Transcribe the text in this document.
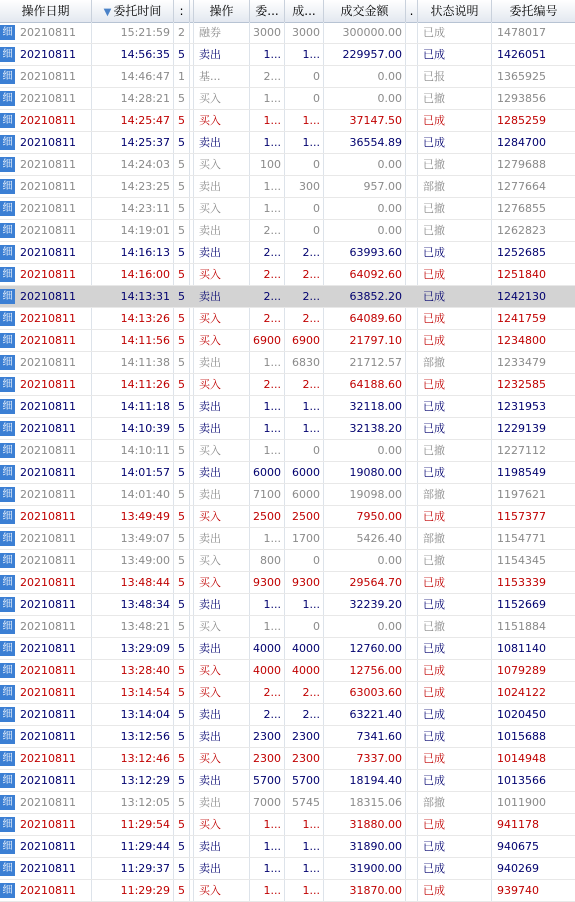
操作日期	▼ 委托时间	:	操作	委...	成...	成交金额	.	状态说明	委托编号
细 20210811	15:21:59 2	融券	3000	3000	300000.00	已成	1478017
细 20210811	14:56:35 5	卖出	1...	1...	229957.00	已成	1426051
细 20210811	14:46:47 1	基...	2...	0	0.00	已报	1365925
细 20210811	14:28:21 5	买入	1...	0	0.00	已撤	1293856
细 20210811	14:25:47 5	买入	1...	1...	37147.50	已成	1285259
细 20210811	14:25:37 5	卖出	1...	1...	36554.89	已成	1284700
细 20210811	14:24:03 5	买入	100	0	0.00	已撤	1279688
细 20210811	14:23:25 5	卖出	1...	300	957.00	部撤	1277664
细 20210811	14:23:11 5	买入	1...	0	0.00	已撤	1276855
细 20210811	14:19:01 5	卖出	2...	0	0.00	已撤	1262823
细 20210811	14:16:13 5	卖出	2...	2...	63993.60	已成	1252685
细 20210811	14:16:00 5	买入	2...	2...	64092.60	已成	1251840
细 20210811	14:13:31 5	卖出	2...	2...	63852.20	已成	1242130
细 20210811	14:13:26 5	买入	2...	2...	64089.60	已成	1241759
细 20210811	14:11:56 5	买入	6900	6900	21797.10	已成	1234800
细 20210811	14:11:38 5	卖出	1...	6830	21712.57	部撤	1233479
细 20210811	14:11:26 5	买入	2...	2...	64188.60	已成	1232585
细 20210811	14:11:18 5	卖出	1...	1...	32118.00	已成	1231953
细 20210811	14:10:39 5	卖出	1...	1...	32138.20	已成	1229139
细 20210811	14:10:11 5	买入	1...	0	0.00	已撤	1227112
细 20210811	14:01:57 5	卖出	6000	6000	19080.00	已成	1198549
细 20210811	14:01:40 5	卖出	7100	6000	19098.00	部撤	1197621
细 20210811	13:49:49 5	买入	2500	2500	7950.00	已成	1157377
细 20210811	13:49:07 5	卖出	1...	1700	5426.40	部撤	1154771
细 20210811	13:49:00 5	买入	800	0	0.00	已撤	1154345
细 20210811	13:48:44 5	买入	9300	9300	29564.70	已成	1153339
细 20210811	13:48:34 5	卖出	1...	1...	32239.20	已成	1152669
细 20210811	13:48:21 5	买入	1...	0	0.00	已撤	1151884
细 20210811	13:29:09 5	卖出	4000	4000	12760.00	已成	1081140
细 20210811	13:28:40 5	买入	4000	4000	12756.00	已成	1079289
细 20210811	13:14:54 5	买入	2...	2...	63003.60	已成	1024122
细 20210811	13:14:04 5	卖出	2...	2...	63221.40	已成	1020450
细 20210811	13:12:56 5	卖出	2300	2300	7341.60	已成	1015688
细 20210811	13:12:46 5	买入	2300	2300	7337.00	已成	1014948
细 20210811	13:12:29 5	卖出	5700	5700	18194.40	已成	1013566
细 20210811	13:12:05 5	卖出	7000	5745	18315.06	部撤	1011900
细 20210811	11:29:54 5	买入	1...	1...	31880.00	已成	941178
细 20210811	11:29:44 5	卖出	1...	1...	31890.00	已成	940675
细 20210811	11:29:37 5	卖出	1...	1...	31900.00	已成	940269
细 20210811	11:29:29 5	买入	1...	1...	31870.00	已成	939740
